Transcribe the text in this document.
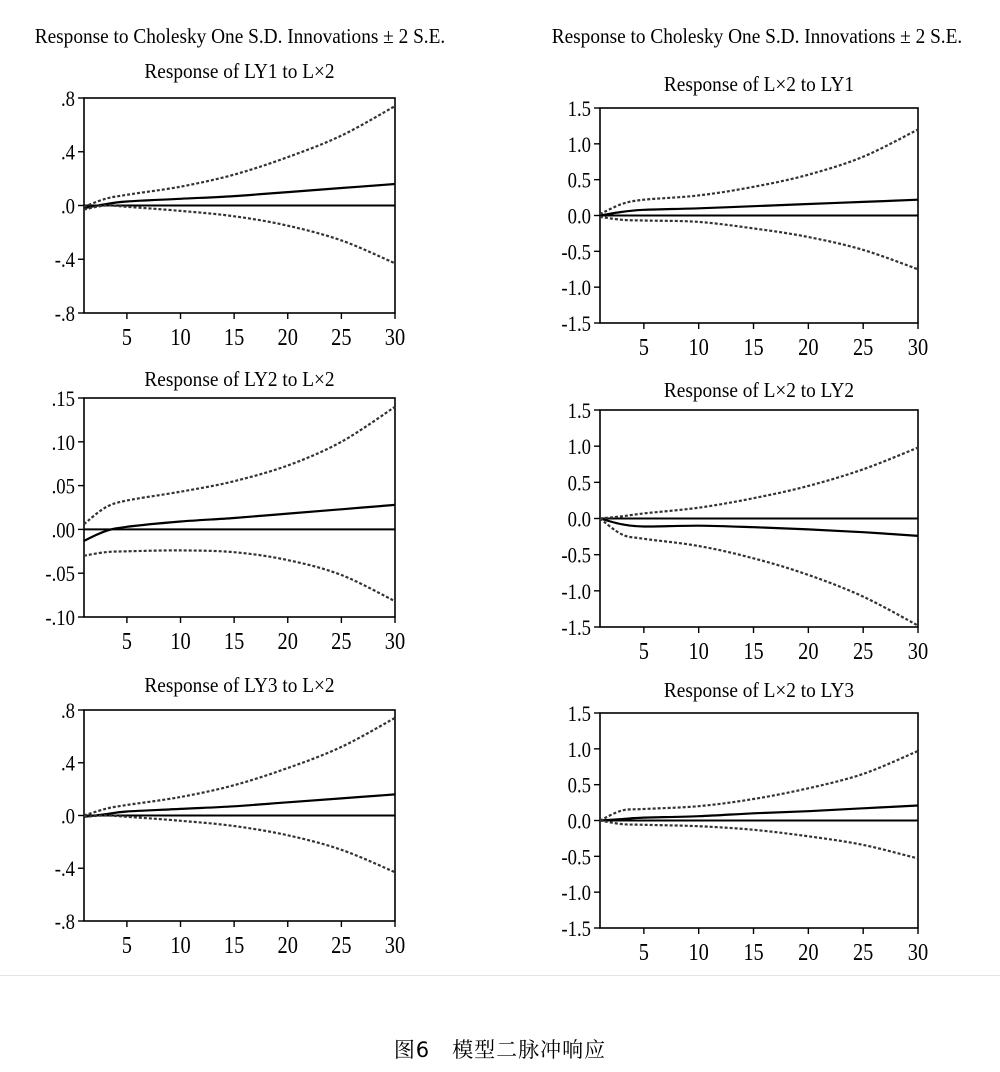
Response to Cholesky One S.D. Innovations ± 2 S.E.	Response to Cholesky One S.D. Innovations ± 2 S.E.
Response of LY1 to L×2
.8
.4
.0
-.4
-.8
5 10 15 20 25 30
Response of L×2 to LY1
1.5
1.0
0.5
0.0
-0.5
-1.0
-1.5
5 10 15 20 25 30
Response of LY2 to L×2
.15
.10
.05
.00
-.05
-.10
5 10 15 20 25 30
Response of L×2 to LY2
1.5
1.0
0.5
0.0
-0.5
-1.0
-1.5
5 10 15 20 25 30
Response of LY3 to L×2
.8
.4
.0
-.4
-.8
5 10 15 20 25 30
Response of L×2 to LY3
1.5
1.0
0.5
0.0
-0.5
-1.0
-1.5
5 10 15 20 25 30
图6 模型二脉冲响应
